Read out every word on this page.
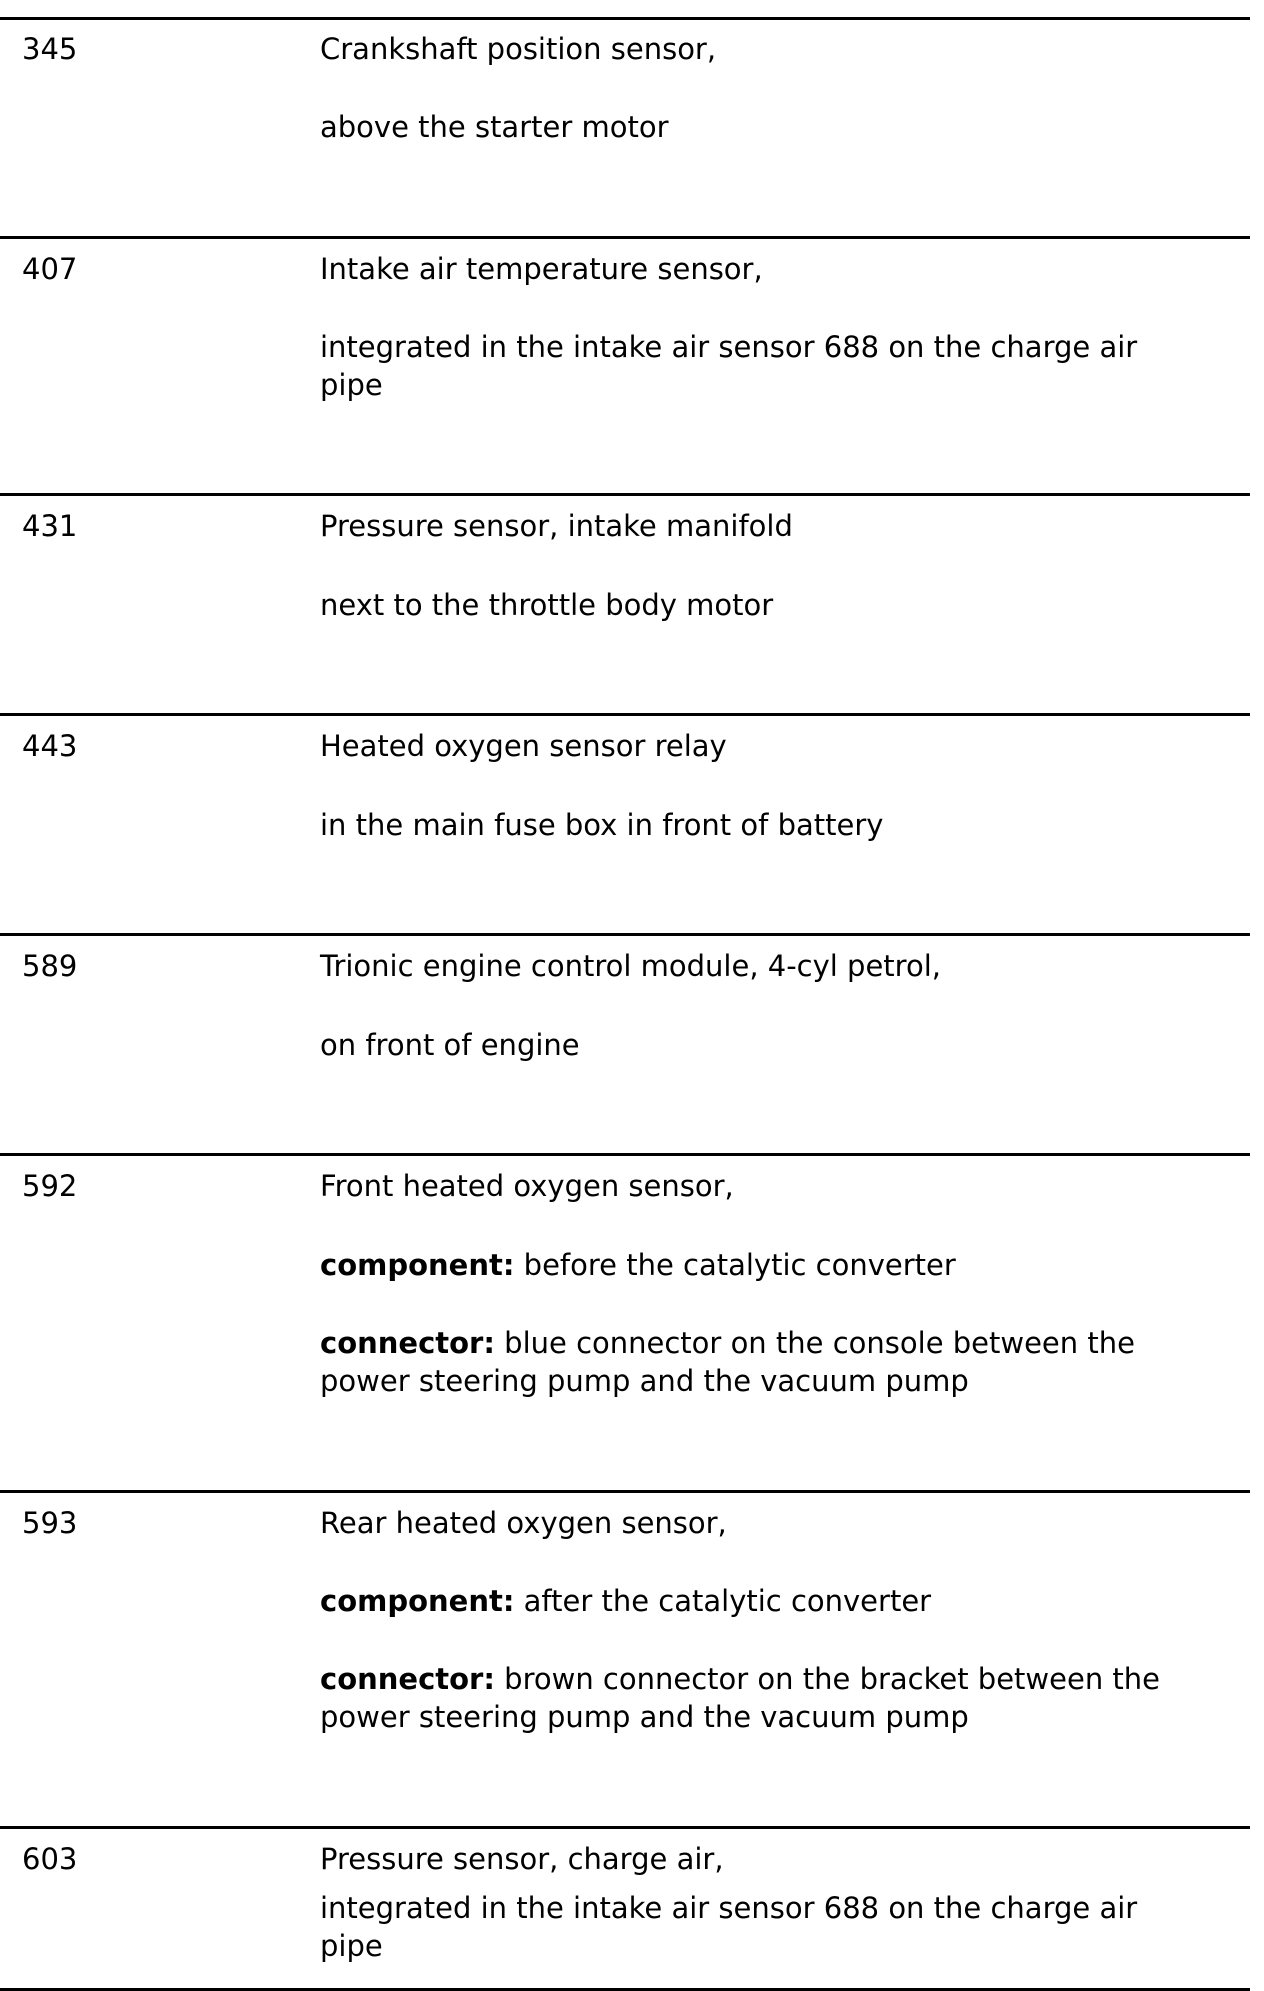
345	Crankshaft position sensor,
above the starter motor
407	Intake air temperature sensor,
integrated in the intake air sensor 688 on the charge air
pipe
431	Pressure sensor, intake manifold
next to the throttle body motor
443	Heated oxygen sensor relay
in the main fuse box in front of battery
589	Trionic engine control module, 4-cyl petrol,
on front of engine
592	Front heated oxygen sensor,
component: before the catalytic converter
connector: blue connector on the console between the
power steering pump and the vacuum pump
593	Rear heated oxygen sensor,
component: after the catalytic converter
connector: brown connector on the bracket between the
power steering pump and the vacuum pump
603	Pressure sensor, charge air,
integrated in the intake air sensor 688 on the charge air
pipe
